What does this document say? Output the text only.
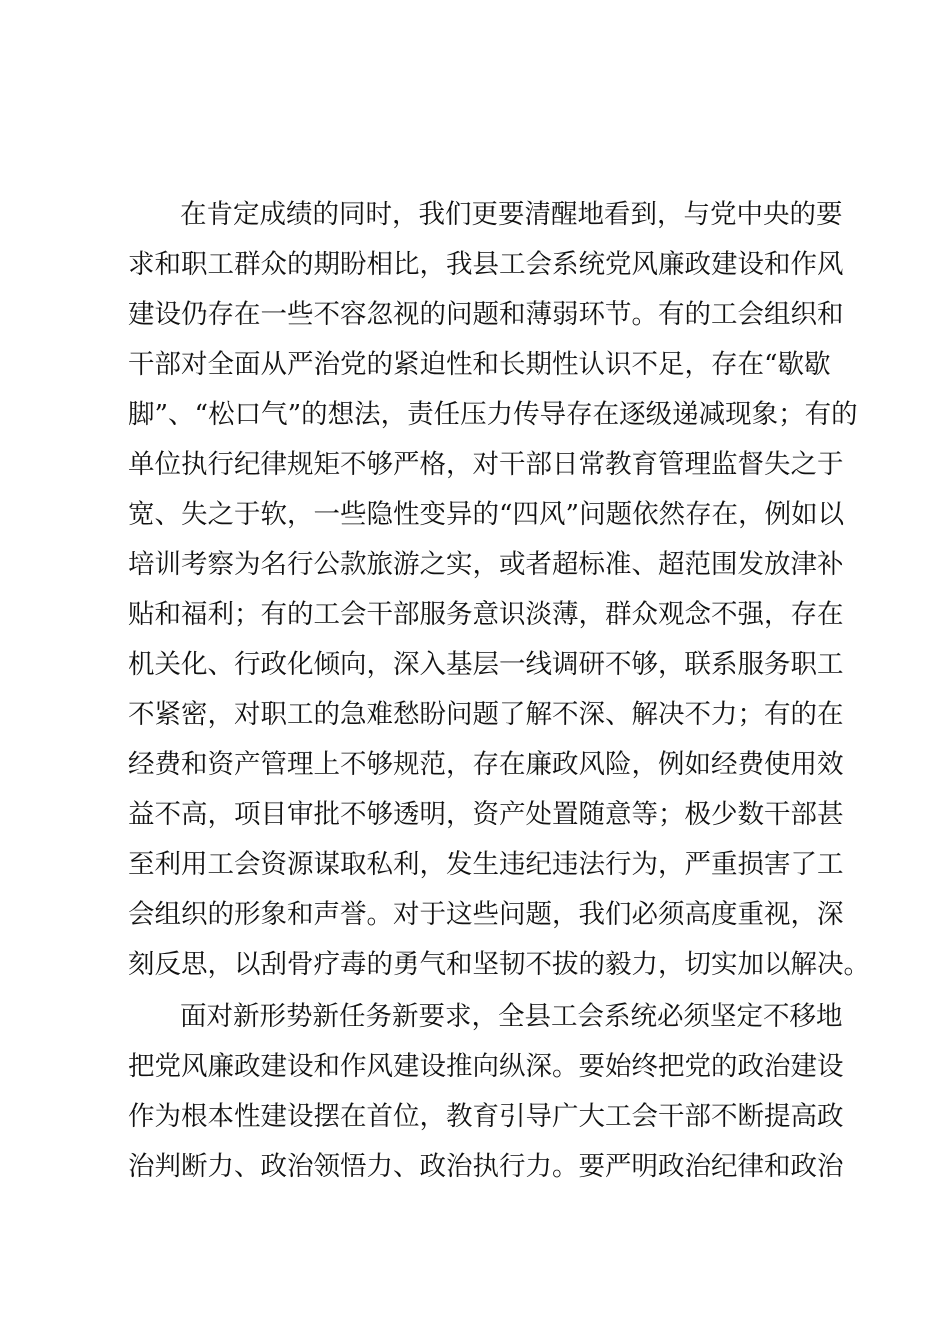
在肯定成绩的同时，我们更要清醒地看到，与党中央的要
求和职工群众的期盼相比，我县工会系统党风廉政建设和作风
建设仍存在一些不容忽视的问题和薄弱环节。有的工会组织和
干部对全面从严治党的紧迫性和长期性认识不足，存在“歇歇
脚”、“松口气”的想法，责任压力传导存在逐级递减现象；有的
单位执行纪律规矩不够严格，对干部日常教育管理监督失之于
宽、失之于软，一些隐性变异的“四风”问题依然存在，例如以
培训考察为名行公款旅游之实，或者超标准、超范围发放津补
贴和福利；有的工会干部服务意识淡薄，群众观念不强，存在
机关化、行政化倾向，深入基层一线调研不够，联系服务职工
不紧密，对职工的急难愁盼问题了解不深、解决不力；有的在
经费和资产管理上不够规范，存在廉政风险，例如经费使用效
益不高，项目审批不够透明，资产处置随意等；极少数干部甚
至利用工会资源谋取私利，发生违纪违法行为，严重损害了工
会组织的形象和声誉。对于这些问题，我们必须高度重视，深
刻反思，以刮骨疗毒的勇气和坚韧不拔的毅力，切实加以解决。
面对新形势新任务新要求，全县工会系统必须坚定不移地
把党风廉政建设和作风建设推向纵深。要始终把党的政治建设
作为根本性建设摆在首位，教育引导广大工会干部不断提高政
治判断力、政治领悟力、政治执行力。要严明政治纪律和政治
